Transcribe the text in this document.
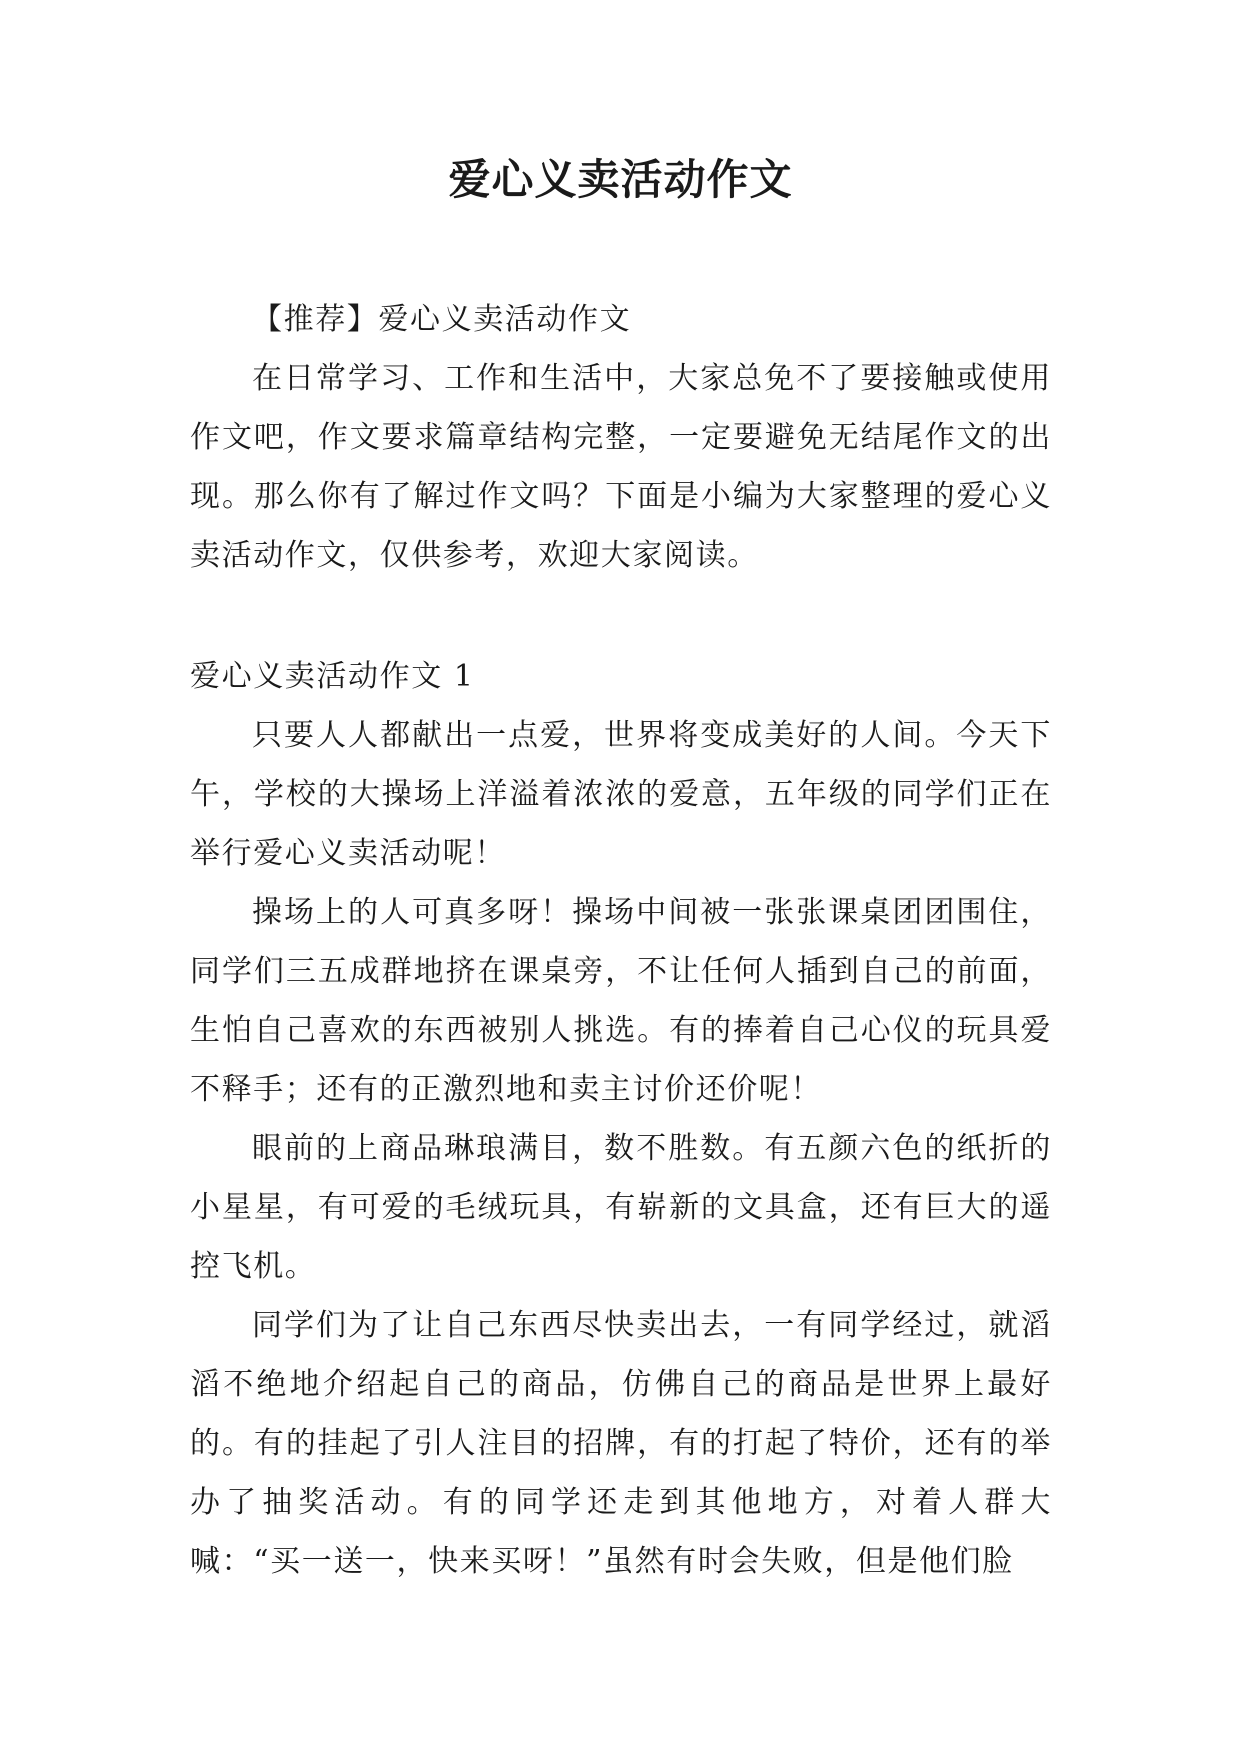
爱心义卖活动作文

【推荐】爱心义卖活动作文

在日常学习、工作和生活中，大家总免不了要接触或使用作文吧，作文要求篇章结构完整，一定要避免无结尾作文的出现。那么你有了解过作文吗？下面是小编为大家整理的爱心义卖活动作文，仅供参考，欢迎大家阅读。

爱心义卖活动作文 1

只要人人都献出一点爱，世界将变成美好的人间。今天下午，学校的大操场上洋溢着浓浓的爱意，五年级的同学们正在举行爱心义卖活动呢！

操场上的人可真多呀！操场中间被一张张课桌团团围住，同学们三五成群地挤在课桌旁，不让任何人插到自己的前面，生怕自己喜欢的东西被别人挑选。有的捧着自己心仪的玩具爱不释手；还有的正激烈地和卖主讨价还价呢！

眼前的上商品琳琅满目，数不胜数。有五颜六色的纸折的小星星，有可爱的毛绒玩具，有崭新的文具盒，还有巨大的遥控飞机。

同学们为了让自己东西尽快卖出去，一有同学经过，就滔滔不绝地介绍起自己的商品，仿佛自己的商品是世界上最好的。有的挂起了引人注目的招牌，有的打起了特价，还有的举办了抽奖活动。有的同学还走到其他地方，对着人群大喊：“买一送一，快来买呀！”虽然有时会失败，但是他们脸
